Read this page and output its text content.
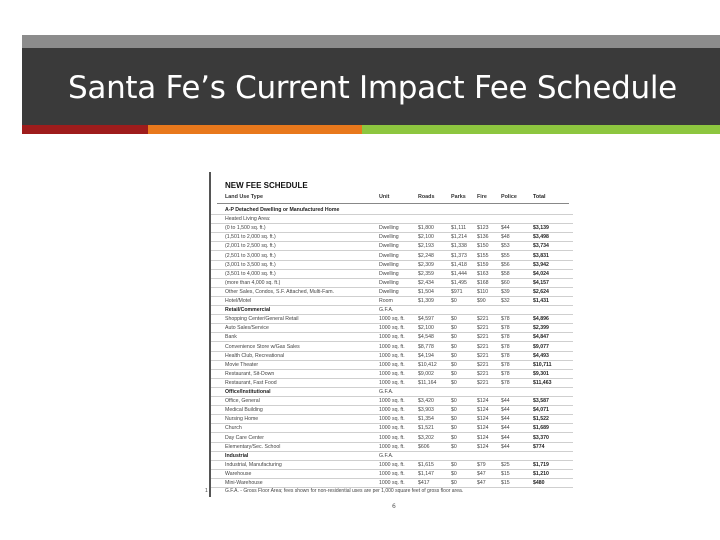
Santa Fe’s Current Impact Fee Schedule
NEW FEE SCHEDULE
Land Use Type	Unit	Roads	Parks Fire	Police	Total
A-P Detached Dwelling or Manufactured Home
Heated Living Area:
(0 to 1,500 sq. ft.)	Dwelling	$1,800	$1,111 $123 $44	$3,139
(1,501 to 2,000 sq. ft.)	Dwelling	$2,100	$1,214 $136 $48	$3,498
(2,001 to 2,500 sq. ft.)	Dwelling	$2,193	$1,338 $150 $53	$3,734
(2,501 to 3,000 sq. ft.)	Dwelling	$2,248	$1,373 $155 $55	$3,831
(3,001 to 3,500 sq. ft.)	Dwelling	$2,309	$1,418 $159 $56	$3,942
(3,501 to 4,000 sq. ft.)	Dwelling	$2,359	$1,444 $163 $58	$4,024
(more than 4,000 sq. ft.)	Dwelling	$2,434	$1,495 $168 $60	$4,157
Other Sales, Condos, S.F. Attached, Multi-Fam.	Dwelling	$1,504	$971	$110 $39	$2,624
Hotel/Motel	Room	$1,309	$0	$90	$32	$1,431
Retail/Commercial	G.F.A.
Shopping Center/General Retail	1000 sq. ft.	$4,597	$0	$221 $78	$4,896
Auto Sales/Service	1000 sq. ft.	$2,100	$0	$221 $78	$2,399
Bank	1000 sq. ft.	$4,548	$0	$221 $78	$4,847
Convenience Store w/Gas Sales	1000 sq. ft.	$8,778	$0	$221 $78	$9,077
Health Club, Recreational	1000 sq. ft.	$4,194	$0	$221 $78	$4,493
Movie Theater	1000 sq. ft.	$10,412	$0	$221 $78	$10,711
Restaurant, Sit-Down	1000 sq. ft.	$9,002	$0	$221 $78	$9,301
Restaurant, Fast Food	1000 sq. ft.	$11,164	$0	$221 $78	$11,463
Office/Institutional	G.F.A.
Office, General	1000 sq. ft.	$3,420	$0	$124 $44	$3,587
Medical Building	1000 sq. ft.	$3,903	$0	$124 $44	$4,071
Nursing Home	1000 sq. ft.	$1,354	$0	$124 $44	$1,522
Church	1000 sq. ft.	$1,521	$0	$124 $44	$1,689
Day Care Center	1000 sq. ft.	$3,202	$0	$124 $44	$3,370
Elementary/Sec. School	1000 sq. ft.	$606	$0	$124 $44	$774
Industrial	G.F.A.
Industrial, Manufacturing	1000 sq. ft.	$1,615	$0	$79	$25	$1,719
Warehouse	1000 sq. ft.	$1,147	$0	$47	$15	$1,210
Mini-Warehouse	1000 sq. ft.	$417	$0	$47	$15	$480
1	G.F.A. - Gross Floor Area; fees shown for non-residential uses are per 1,000 square feet of gross floor area.
6
